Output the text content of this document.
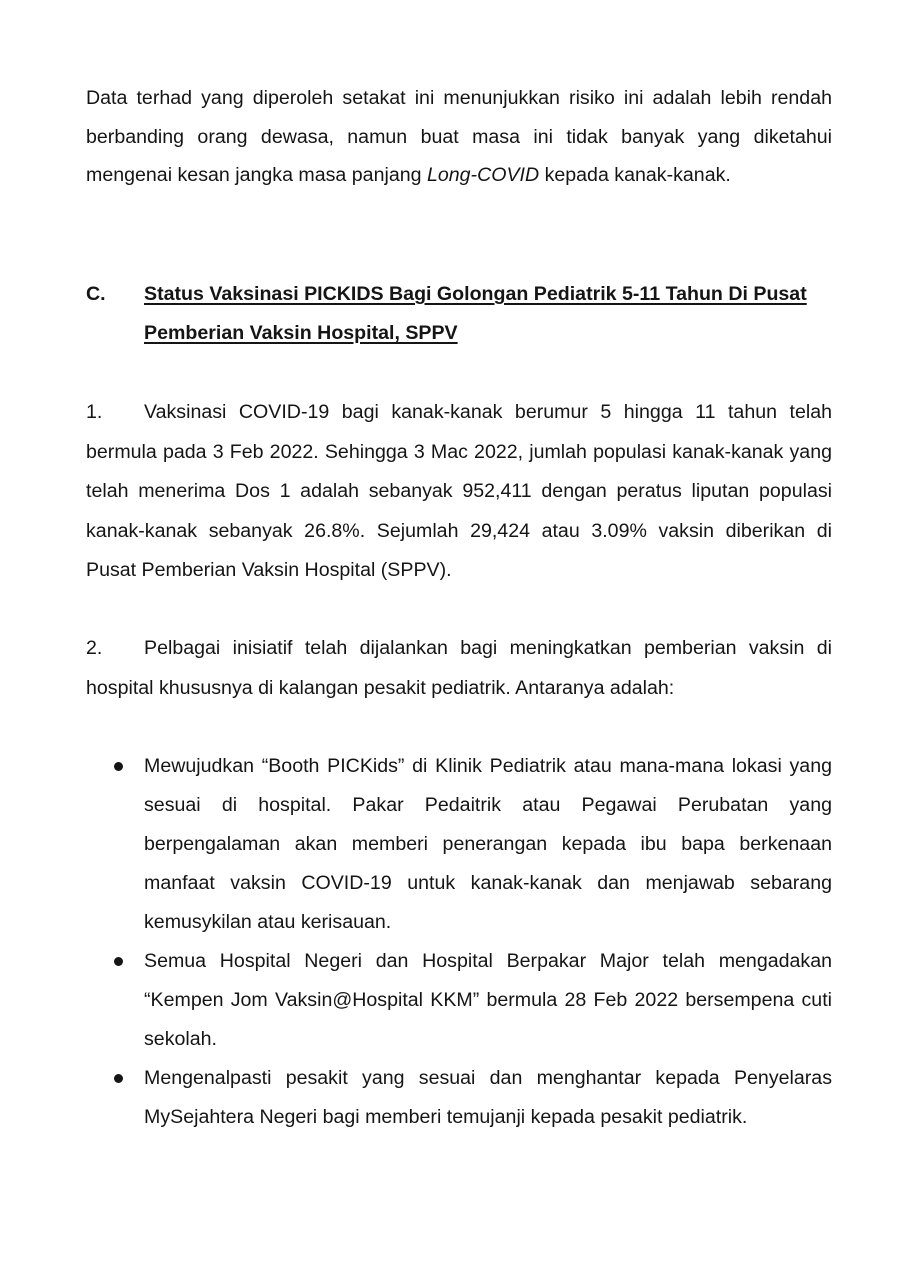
Data terhad yang diperoleh setakat ini menunjukkan risiko ini adalah lebih rendah berbanding orang dewasa, namun buat masa ini tidak banyak yang diketahui mengenai kesan jangka masa panjang Long-COVID kepada kanak-kanak.

C. Status Vaksinasi PICKIDS Bagi Golongan Pediatrik 5-11 Tahun Di Pusat Pemberian Vaksin Hospital, SPPV

1. Vaksinasi COVID-19 bagi kanak-kanak berumur 5 hingga 11 tahun telah bermula pada 3 Feb 2022. Sehingga 3 Mac 2022, jumlah populasi kanak-kanak yang telah menerima Dos 1 adalah sebanyak 952,411 dengan peratus liputan populasi kanak-kanak sebanyak 26.8%. Sejumlah 29,424 atau 3.09% vaksin diberikan di Pusat Pemberian Vaksin Hospital (SPPV).

2. Pelbagai inisiatif telah dijalankan bagi meningkatkan pemberian vaksin di hospital khususnya di kalangan pesakit pediatrik. Antaranya adalah:

Mewujudkan “Booth PICKids” di Klinik Pediatrik atau mana-mana lokasi yang sesuai di hospital. Pakar Pedaitrik atau Pegawai Perubatan yang berpengalaman akan memberi penerangan kepada ibu bapa berkenaan manfaat vaksin COVID-19 untuk kanak-kanak dan menjawab sebarang kemusykilan atau kerisauan.
Semua Hospital Negeri dan Hospital Berpakar Major telah mengadakan “Kempen Jom Vaksin@Hospital KKM” bermula 28 Feb 2022 bersempena cuti sekolah.
Mengenalpasti pesakit yang sesuai dan menghantar kepada Penyelaras MySejahtera Negeri bagi memberi temujanji kepada pesakit pediatrik.
